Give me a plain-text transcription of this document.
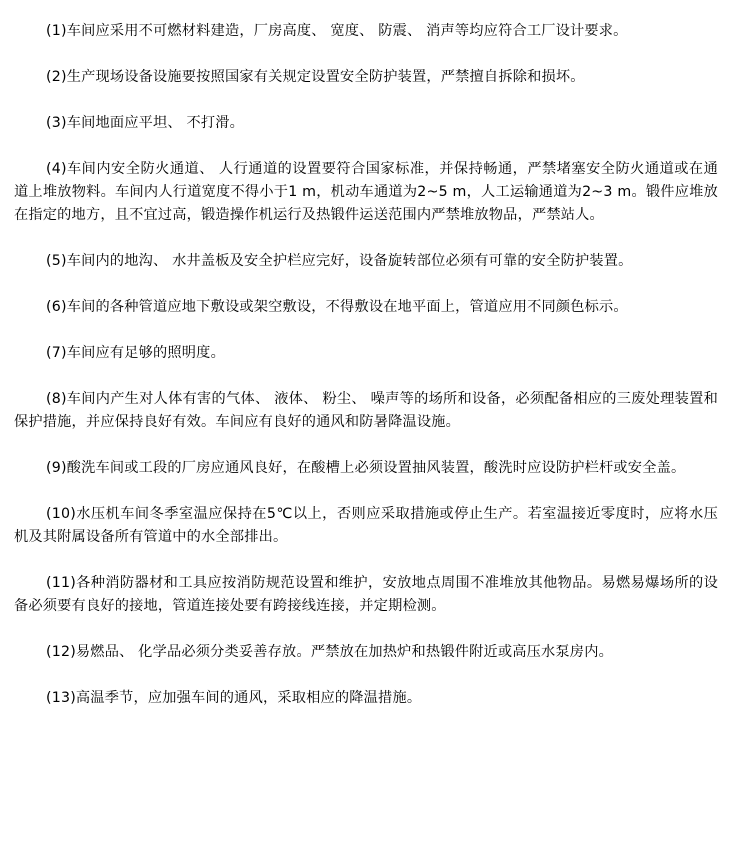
(1)车间应采用不可燃材料建造，厂房高度、 宽度、 防震、 消声等均应符合工厂设计要求。

(2)生产现场设备设施要按照国家有关规定设置安全防护装置，严禁擅自拆除和损坏。

(3)车间地面应平坦、 不打滑。

(4)车间内安全防火通道、 人行通道的设置要符合国家标准，并保持畅通，严禁堵塞安全防火通道或在通道上堆放物料。车间内人行道宽度不得小于1 m，机动车通道为2~5 m，人工运输通道为2~3 m。锻件应堆放在指定的地方，且不宜过高，锻造操作机运行及热锻件运送范围内严禁堆放物品，严禁站人。

(5)车间内的地沟、 水井盖板及安全护栏应完好，设备旋转部位必须有可靠的安全防护装置。

(6)车间的各种管道应地下敷设或架空敷设，不得敷设在地平面上，管道应用不同颜色标示。

(7)车间应有足够的照明度。

(8)车间内产生对人体有害的气体、 液体、 粉尘、 噪声等的场所和设备，必须配备相应的三废处理装置和保护措施，并应保持良好有效。车间应有良好的通风和防暑降温设施。

(9)酸洗车间或工段的厂房应通风良好，在酸槽上必须设置抽风装置，酸洗时应设防护栏杆或安全盖。

(10)水压机车间冬季室温应保持在5℃以上，否则应采取措施或停止生产。若室温接近零度时，应将水压机及其附属设备所有管道中的水全部排出。

(11)各种消防器材和工具应按消防规范设置和维护，安放地点周围不准堆放其他物品。易燃易爆场所的设备必须要有良好的接地，管道连接处要有跨接线连接，并定期检测。

(12)易燃品、 化学品必须分类妥善存放。严禁放在加热炉和热锻件附近或高压水泵房内。

(13)高温季节，应加强车间的通风，采取相应的降温措施。
